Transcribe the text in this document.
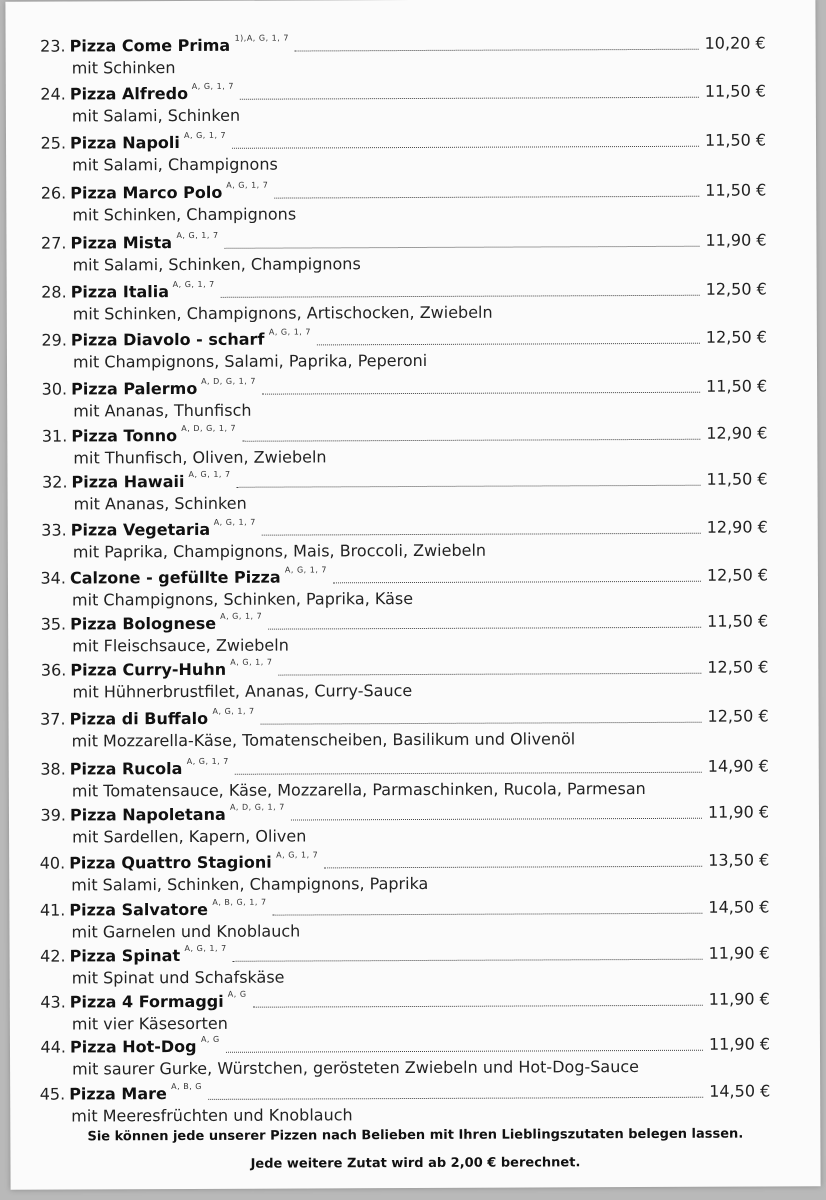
23. Pizza Come Prima 1),A, G, 1, 7	10,20 €
mit Schinken
24. Pizza Alfredo A, G, 1, 7	11,50 €
mit Salami, Schinken
25. Pizza Napoli A, G, 1, 7	11,50 €
mit Salami, Champignons
26. Pizza Marco Polo A, G, 1, 7	11,50 €
mit Schinken, Champignons
27. Pizza Mista A, G, 1, 7	11,90 €
mit Salami, Schinken, Champignons
28. Pizza Italia A, G, 1, 7	12,50 €
mit Schinken, Champignons, Artischocken, Zwiebeln
29. Pizza Diavolo - scharf A, G, 1, 7	12,50 €
mit Champignons, Salami, Paprika, Peperoni
30. Pizza Palermo A, D, G, 1, 7	11,50 €
mit Ananas, Thunfisch
31. Pizza Tonno A, D, G, 1, 7	12,90 €
mit Thunfisch, Oliven, Zwiebeln
32. Pizza Hawaii A, G, 1, 7	11,50 €
mit Ananas, Schinken
33. Pizza Vegetaria A, G, 1, 7	12,90 €
mit Paprika, Champignons, Mais, Broccoli, Zwiebeln
34. Calzone - gefüllte Pizza A, G, 1, 7	12,50 €
mit Champignons, Schinken, Paprika, Käse
35. Pizza Bolognese A, G, 1, 7	11,50 €
mit Fleischsauce, Zwiebeln
36. Pizza Curry-Huhn A, G, 1, 7	12,50 €
mit Hühnerbrustfilet, Ananas, Curry-Sauce
37. Pizza di Buffalo A, G, 1, 7	12,50 €
mit Mozzarella-Käse, Tomatenscheiben, Basilikum und Olivenöl
38. Pizza Rucola A, G, 1, 7	14,90 €
mit Tomatensauce, Käse, Mozzarella, Parmaschinken, Rucola, Parmesan
39. Pizza Napoletana A, D, G, 1, 7	11,90 €
mit Sardellen, Kapern, Oliven
40. Pizza Quattro Stagioni A, G, 1, 7	13,50 €
mit Salami, Schinken, Champignons, Paprika
41. Pizza Salvatore A, B, G, 1, 7	14,50 €
mit Garnelen und Knoblauch
42. Pizza Spinat A, G, 1, 7	11,90 €
mit Spinat und Schafskäse
43. Pizza 4 Formaggi A, G	11,90 €
mit vier Käsesorten
44. Pizza Hot-Dog A, G	11,90 €
mit saurer Gurke, Würstchen, gerösteten Zwiebeln und Hot-Dog-Sauce
45. Pizza Mare A, B, G	14,50 €
mit Meeresfrüchten und Knoblauch
Sie können jede unserer Pizzen nach Belieben mit Ihren Lieblingszutaten belegen lassen.
Jede weitere Zutat wird ab 2,00 € berechnet.
